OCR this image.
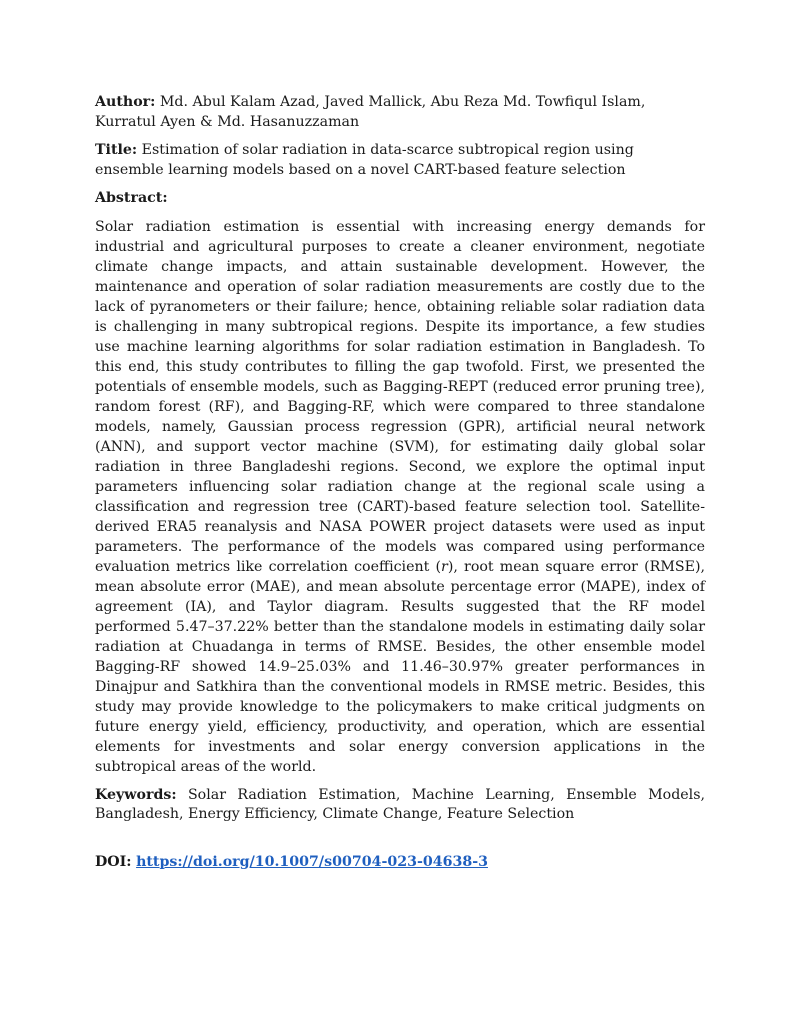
Author: Md. Abul Kalam Azad, Javed Mallick, Abu Reza Md. Towfiqul Islam, Kurratul Ayen & Md. Hasanuzzaman

Title: Estimation of solar radiation in data-scarce subtropical region using ensemble learning models based on a novel CART-based feature selection

Abstract:

Solar radiation estimation is essential with increasing energy demands for industrial and agricultural purposes to create a cleaner environment, negotiate climate change impacts, and attain sustainable development. However, the maintenance and operation of solar radiation measurements are costly due to the lack of pyranometers or their failure; hence, obtaining reliable solar radiation data is challenging in many subtropical regions. Despite its importance, a few studies use machine learning algorithms for solar radiation estimation in Bangladesh. To this end, this study contributes to filling the gap twofold. First, we presented the potentials of ensemble models, such as Bagging-REPT (reduced error pruning tree), random forest (RF), and Bagging-RF, which were compared to three standalone models, namely, Gaussian process regression (GPR), artificial neural network (ANN), and support vector machine (SVM), for estimating daily global solar radiation in three Bangladeshi regions. Second, we explore the optimal input parameters influencing solar radiation change at the regional scale using a classification and regression tree (CART)-based feature selection tool. Satellite-derived ERA5 reanalysis and NASA POWER project datasets were used as input parameters. The performance of the models was compared using performance evaluation metrics like correlation coefficient (r), root mean square error (RMSE), mean absolute error (MAE), and mean absolute percentage error (MAPE), index of agreement (IA), and Taylor diagram. Results suggested that the RF model performed 5.47–37.22% better than the standalone models in estimating daily solar radiation at Chuadanga in terms of RMSE. Besides, the other ensemble model Bagging-RF showed 14.9–25.03% and 11.46–30.97% greater performances in Dinajpur and Satkhira than the conventional models in RMSE metric. Besides, this study may provide knowledge to the policymakers to make critical judgments on future energy yield, efficiency, productivity, and operation, which are essential elements for investments and solar energy conversion applications in the subtropical areas of the world.

Keywords: Solar Radiation Estimation, Machine Learning, Ensemble Models, Bangladesh, Energy Efficiency, Climate Change, Feature Selection

DOI: https://doi.org/10.1007/s00704-023-04638-3
